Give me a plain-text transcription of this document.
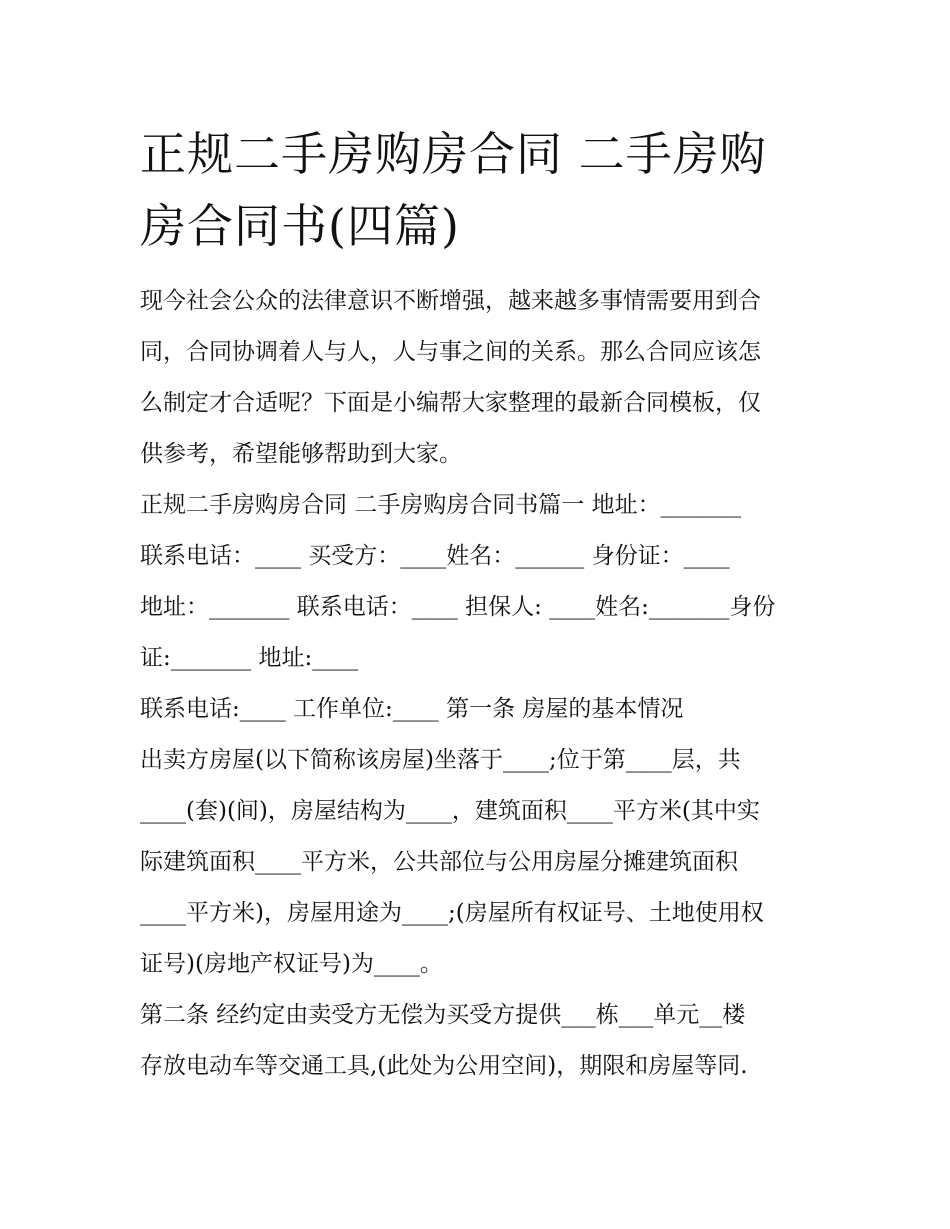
正规二手房购房合同 二手房购
房合同书(四篇)

现今社会公众的法律意识不断增强，越来越多事情需要用到合
同，合同协调着人与人，人与事之间的关系。那么合同应该怎
么制定才合适呢？下面是小编帮大家整理的最新合同模板，仅
供参考，希望能够帮助到大家。

正规二手房购房合同 二手房购房合同书篇一 地址：_______
联系电话：____ 买受方：____姓名：______ 身份证：____
地址：_______ 联系电话：____ 担保人: ____姓名:_______身份
证:_______ 地址:____

联系电话:____ 工作单位:____ 第一条 房屋的基本情况

出卖方房屋(以下简称该房屋)坐落于____;位于第____层，共
____(套)(间)，房屋结构为____，建筑面积____平方米(其中实
际建筑面积____平方米，公共部位与公用房屋分摊建筑面积
____平方米)，房屋用途为____;(房屋所有权证号、土地使用权
证号)(房地产权证号)为____。

第二条 经约定由卖受方无偿为买受方提供___栋___单元__楼
存放电动车等交通工具,(此处为公用空间)，期限和房屋等同.
